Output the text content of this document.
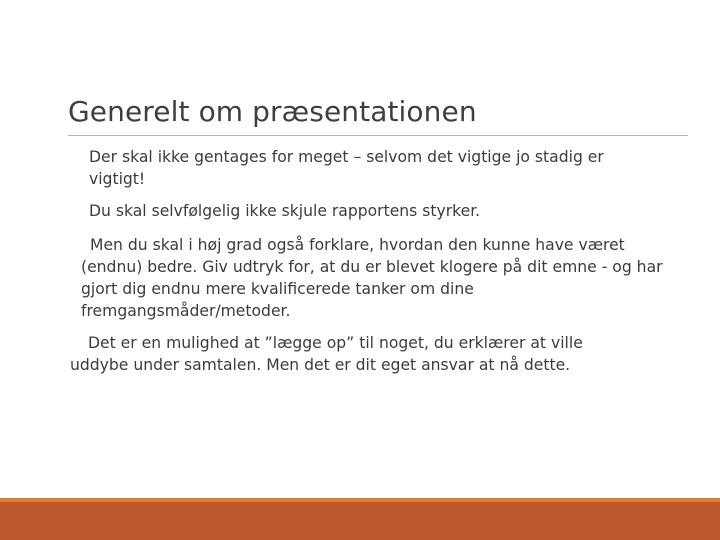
Generelt om præsentationen

Der skal ikke gentages for meget – selvom det vigtige jo stadig er vigtigt!

Du skal selvfølgelig ikke skjule rapportens styrker.

Men du skal i høj grad også forklare, hvordan den kunne have været (endnu) bedre. Giv udtryk for, at du er blevet klogere på dit emne - og har gjort dig endnu mere kvalificerede tanker om dine fremgangsmåder/metoder.

Det er en mulighed at ”lægge op” til noget, du erklærer at ville uddybe under samtalen. Men det er dit eget ansvar at nå dette.
